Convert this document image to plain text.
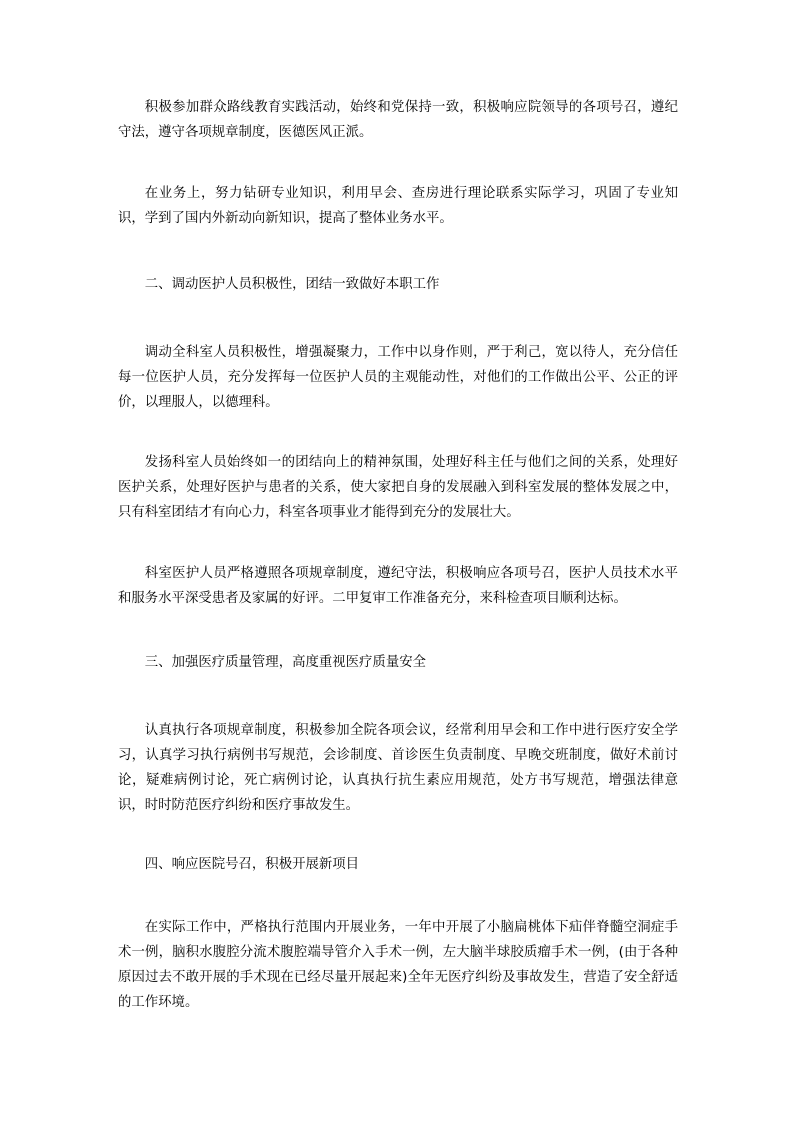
积极参加群众路线教育实践活动，始终和党保持一致，积极响应院领导的各项号召，遵纪守法，遵守各项规章制度，医德医风正派。

在业务上，努力钻研专业知识，利用早会、查房进行理论联系实际学习，巩固了专业知识，学到了国内外新动向新知识，提高了整体业务水平。

二、调动医护人员积极性，团结一致做好本职工作

调动全科室人员积极性，增强凝聚力，工作中以身作则，严于利己，宽以待人，充分信任每一位医护人员，充分发挥每一位医护人员的主观能动性，对他们的工作做出公平、公正的评价，以理服人，以德理科。

发扬科室人员始终如一的团结向上的精神氛围，处理好科主任与他们之间的关系，处理好医护关系，处理好医护与患者的关系，使大家把自身的发展融入到科室发展的整体发展之中，只有科室团结才有向心力，科室各项事业才能得到充分的发展壮大。

科室医护人员严格遵照各项规章制度，遵纪守法，积极响应各项号召，医护人员技术水平和服务水平深受患者及家属的好评。二甲复审工作准备充分，来科检查项目顺利达标。

三、加强医疗质量管理，高度重视医疗质量安全

认真执行各项规章制度，积极参加全院各项会议，经常利用早会和工作中进行医疗安全学习，认真学习执行病例书写规范，会诊制度、首诊医生负责制度、早晚交班制度，做好术前讨论，疑难病例讨论，死亡病例讨论，认真执行抗生素应用规范，处方书写规范，增强法律意识，时时防范医疗纠纷和医疗事故发生。

四、响应医院号召，积极开展新项目

在实际工作中，严格执行范围内开展业务，一年中开展了小脑扁桃体下疝伴脊髓空洞症手术一例，脑积水腹腔分流术腹腔端导管介入手术一例，左大脑半球胶质瘤手术一例，(由于各种原因过去不敢开展的手术现在已经尽量开展起来)全年无医疗纠纷及事故发生，营造了安全舒适的工作环境。
